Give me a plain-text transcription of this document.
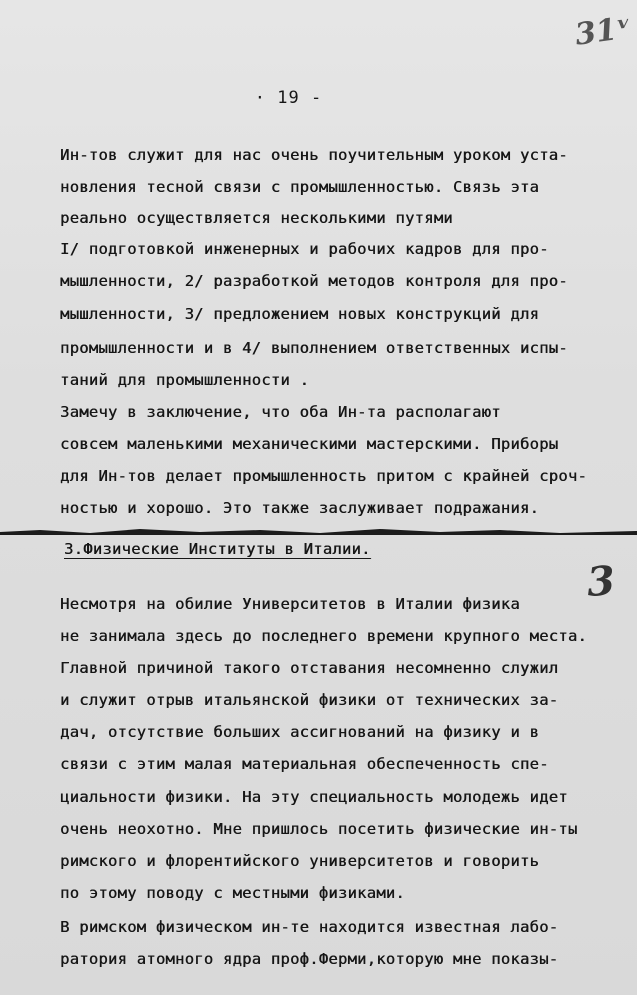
31ᵛ
· 19 -
Ин-тов служит для нас очень поучительным уроком уста-
новления тесной связи с промышленностью. Связь эта
реально осуществляется несколькими путями
I/ подготовкой инженерных и рабочих кадров для про-
мышленности, 2/ разработкой методов контроля для про-
мышленности, 3/ предложением новых конструкций для
промышленности и в 4/ выполнением ответственных испы-
таний для промышленности .
Замечу в заключение, что оба Ин-та располагают
совсем маленькими механическими мастерскими. Приборы
для Ин-тов делает промышленность притом с крайней сроч-
ностью и хорошо. Это также заслуживает подражания.
3.Физические Институты в Италии.
3
Несмотря на обилие Университетов в Италии физика
не занимала здесь до последнего времени крупного места.
Главной причиной такого отставания несомненно служил
и служит отрыв итальянской физики от технических за-
дач, отсутствие больших ассигнований на физику и в
связи с этим малая материальная обеспеченность спе-
циальности физики. На эту специальность молодежь идет
очень неохотно. Мне пришлось посетить физические ин-ты
римского и флорентийского университетов и говорить
по этому поводу с местными физиками.
В римском физическом ин-те находится известная лабо-
ратория атомного ядра проф.Ферми,которую мне показы-
